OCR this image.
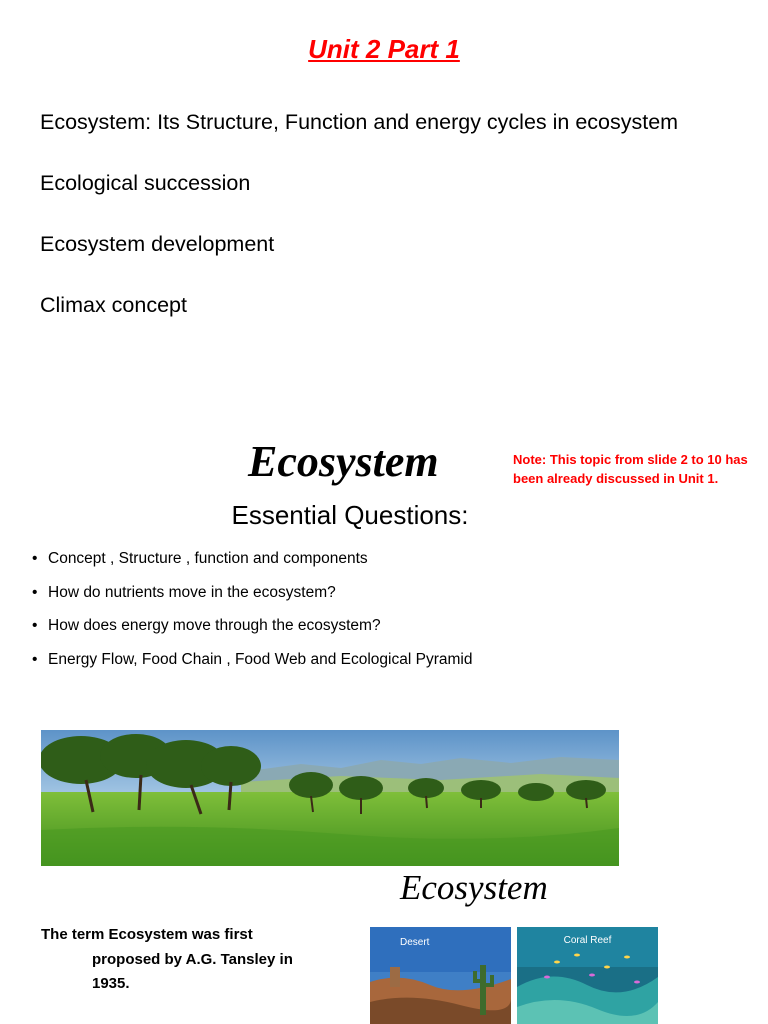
Unit 2 Part 1
Ecosystem: Its Structure, Function and energy cycles in ecosystem
Ecological succession
Ecosystem development
Climax concept
Ecosystem	Note: This topic from slide 2 to 10 has been already discussed in Unit 1.
Essential Questions:
• Concept , Structure , function and components
• How do nutrients move in the ecosystem?
• How does energy move through the ecosystem?
• Energy Flow, Food Chain , Food Web and Ecological Pyramid
Ecosystem
The term Ecosystem was first
proposed by A.G. Tansley in
1935.
Desert	Coral Reef
